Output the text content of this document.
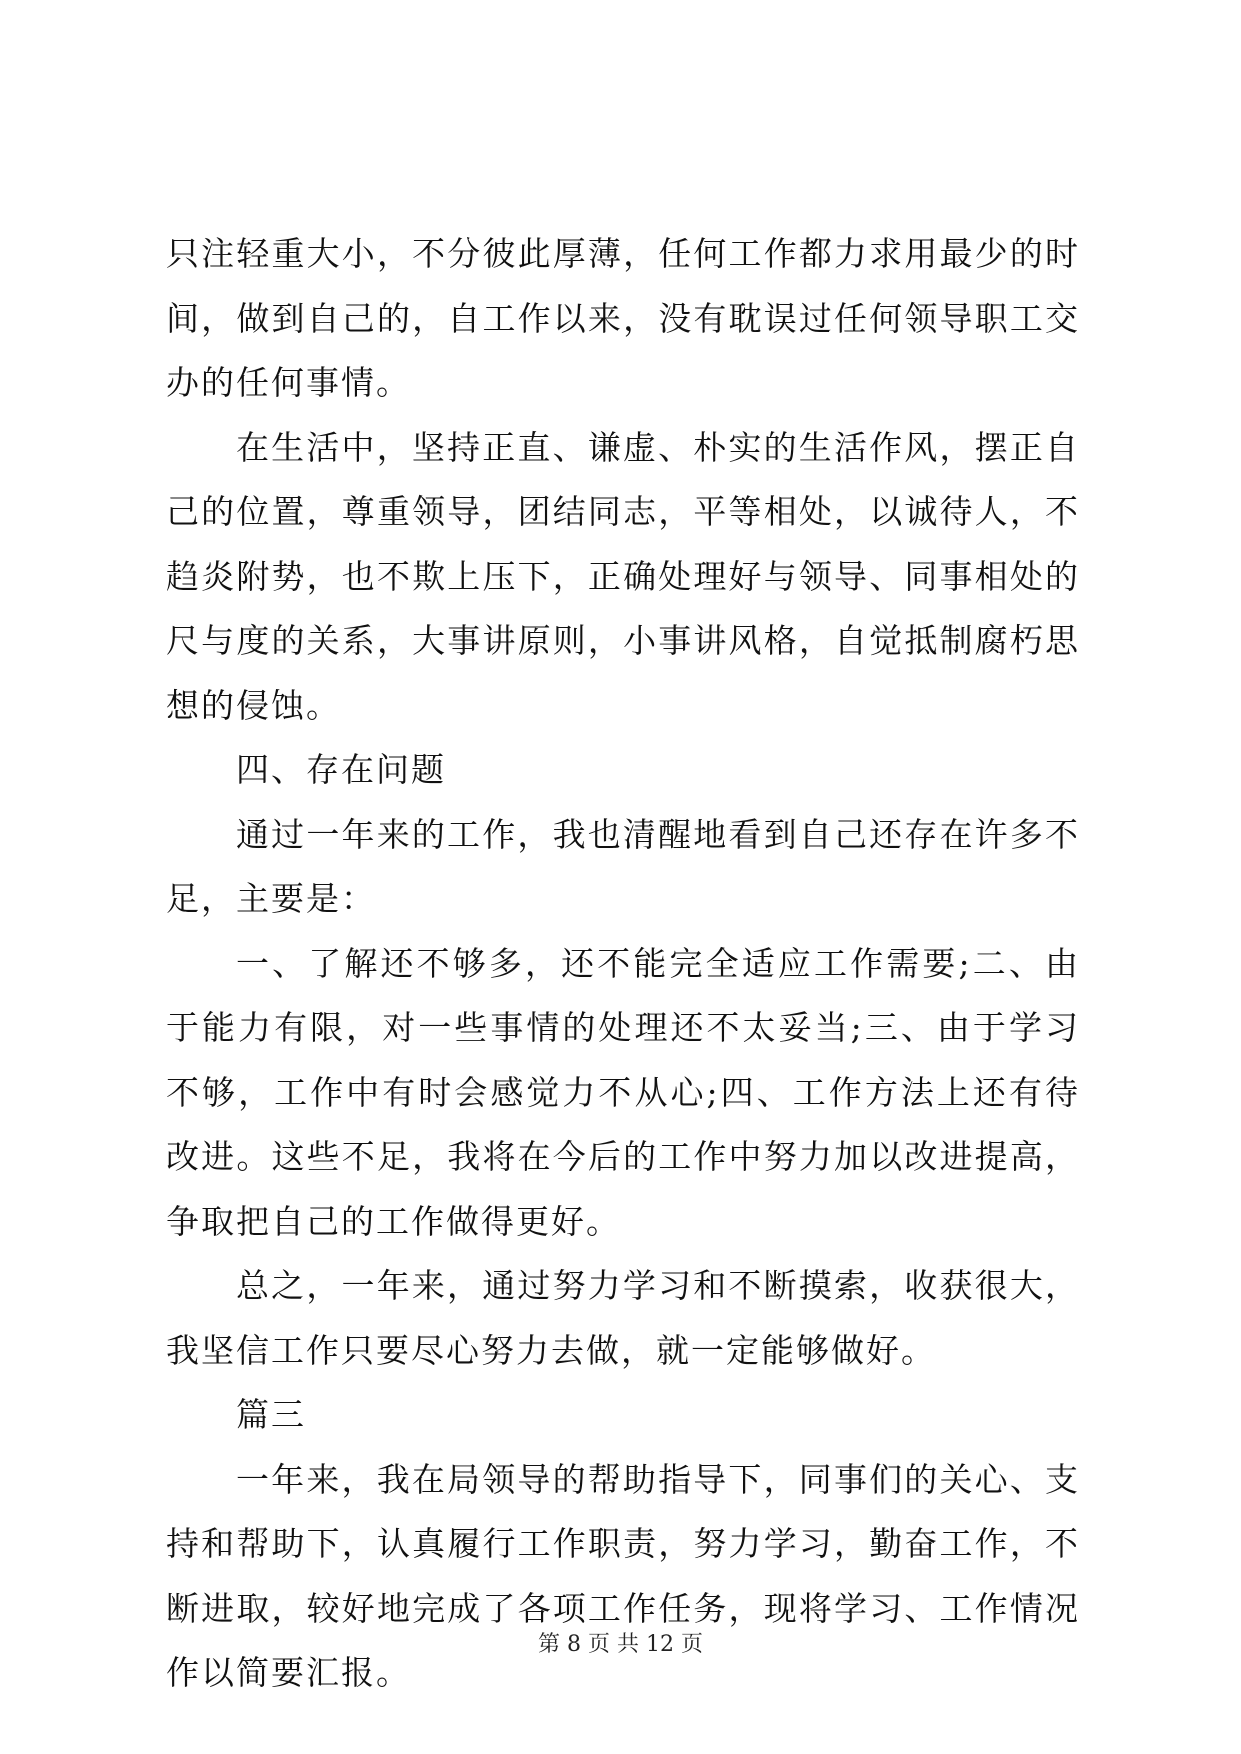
只注轻重大小，不分彼此厚薄，任何工作都力求用最少的时间，做到自己的，自工作以来，没有耽误过任何领导职工交办的任何事情。

在生活中，坚持正直、谦虚、朴实的生活作风，摆正自己的位置，尊重领导，团结同志，平等相处，以诚待人，不趋炎附势，也不欺上压下，正确处理好与领导、同事相处的尺与度的关系，大事讲原则，小事讲风格，自觉抵制腐朽思想的侵蚀。

四、存在问题

通过一年来的工作，我也清醒地看到自己还存在许多不足，主要是：

一、了解还不够多，还不能完全适应工作需要;二、由于能力有限，对一些事情的处理还不太妥当;三、由于学习不够，工作中有时会感觉力不从心;四、工作方法上还有待改进。这些不足，我将在今后的工作中努力加以改进提高，争取把自己的工作做得更好。

总之，一年来，通过努力学习和不断摸索，收获很大，我坚信工作只要尽心努力去做，就一定能够做好。

篇三

一年来，我在局领导的帮助指导下，同事们的关心、支持和帮助下，认真履行工作职责，努力学习，勤奋工作，不断进取，较好地完成了各项工作任务，现将学习、工作情况作以简要汇报。

第 8 页 共 12 页
